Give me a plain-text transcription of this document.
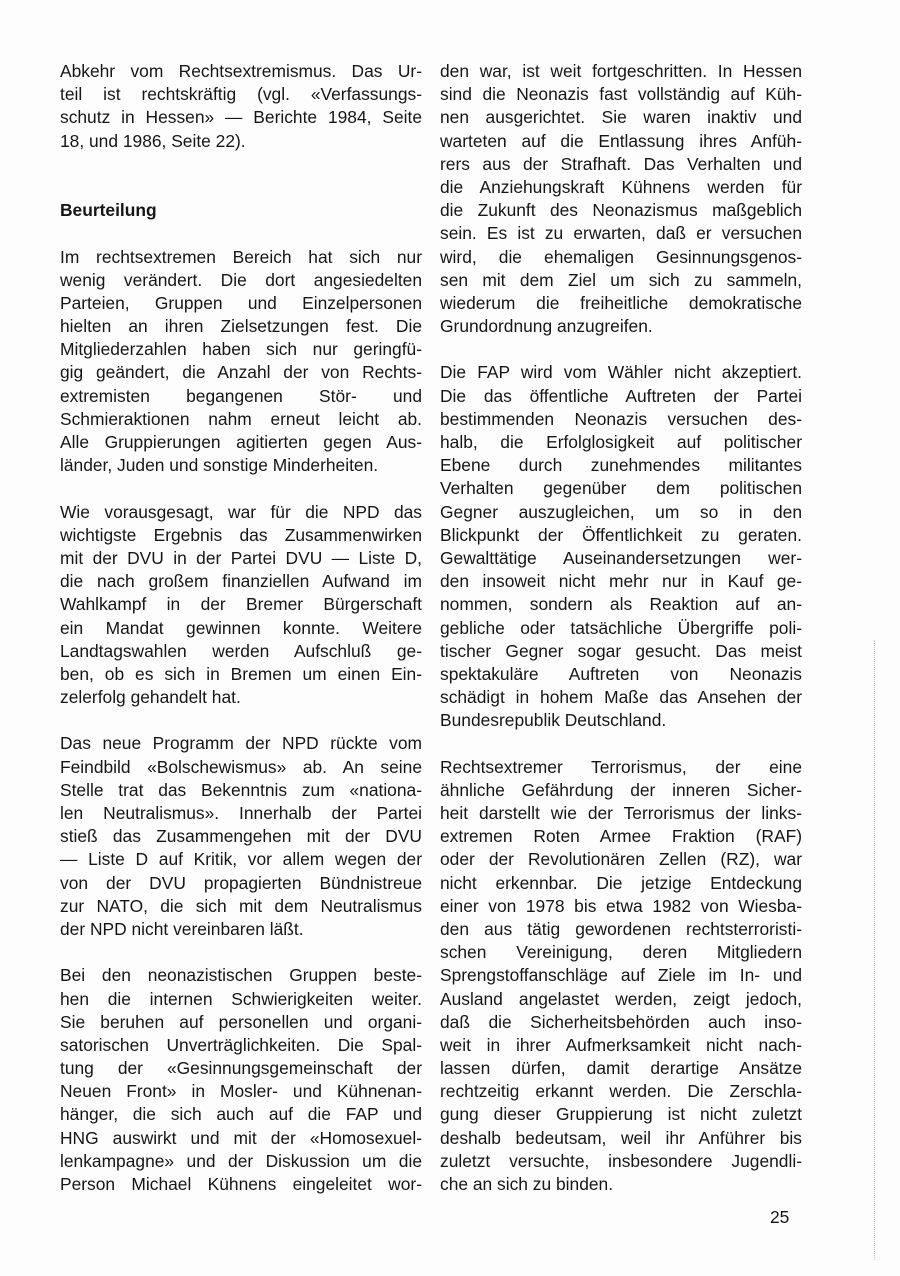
Abkehr vom Rechtsextremismus. Das Ur-
teil ist rechtskräftig (vgl. «Verfassungs-
schutz in Hessen» — Berichte 1984, Seite
18, und 1986, Seite 22).
Beurteilung
Im rechtsextremen Bereich hat sich nur
wenig verändert. Die dort angesiedelten
Parteien, Gruppen und Einzelpersonen
hielten an ihren Zielsetzungen fest. Die
Mitgliederzahlen haben sich nur geringfü-
gig geändert, die Anzahl der von Rechts-
extremisten begangenen Stör- und
Schmieraktionen nahm erneut leicht ab.
Alle Gruppierungen agitierten gegen Aus-
länder, Juden und sonstige Minderheiten.
Wie vorausgesagt, war für die NPD das
wichtigste Ergebnis das Zusammenwirken
mit der DVU in der Partei DVU — Liste D,
die nach großem finanziellen Aufwand im
Wahlkampf in der Bremer Bürgerschaft
ein Mandat gewinnen konnte. Weitere
Landtagswahlen werden Aufschluß ge-
ben, ob es sich in Bremen um einen Ein-
zelerfolg gehandelt hat.
Das neue Programm der NPD rückte vom
Feindbild «Bolschewismus» ab. An seine
Stelle trat das Bekenntnis zum «nationa-
len Neutralismus». Innerhalb der Partei
stieß das Zusammengehen mit der DVU
— Liste D auf Kritik, vor allem wegen der
von der DVU propagierten Bündnistreue
zur NATO, die sich mit dem Neutralismus
der NPD nicht vereinbaren läßt.
Bei den neonazistischen Gruppen beste-
hen die internen Schwierigkeiten weiter.
Sie beruhen auf personellen und organi-
satorischen Unverträglichkeiten. Die Spal-
tung der «Gesinnungsgemeinschaft der
Neuen Front» in Mosler- und Kühnenan-
hänger, die sich auch auf die FAP und
HNG auswirkt und mit der «Homosexuel-
lenkampagne» und der Diskussion um die
Person Michael Kühnens eingeleitet wor-
den war, ist weit fortgeschritten. In Hessen
sind die Neonazis fast vollständig auf Küh-
nen ausgerichtet. Sie waren inaktiv und
warteten auf die Entlassung ihres Anfüh-
rers aus der Strafhaft. Das Verhalten und
die Anziehungskraft Kühnens werden für
die Zukunft des Neonazismus maßgeblich
sein. Es ist zu erwarten, daß er versuchen
wird, die ehemaligen Gesinnungsgenos-
sen mit dem Ziel um sich zu sammeln,
wiederum die freiheitliche demokratische
Grundordnung anzugreifen.
Die FAP wird vom Wähler nicht akzeptiert.
Die das öffentliche Auftreten der Partei
bestimmenden Neonazis versuchen des-
halb, die Erfolglosigkeit auf politischer
Ebene durch zunehmendes militantes
Verhalten gegenüber dem politischen
Gegner auszugleichen, um so in den
Blickpunkt der Öffentlichkeit zu geraten.
Gewalttätige Auseinandersetzungen wer-
den insoweit nicht mehr nur in Kauf ge-
nommen, sondern als Reaktion auf an-
gebliche oder tatsächliche Übergriffe poli-
tischer Gegner sogar gesucht. Das meist
spektakuläre Auftreten von Neonazis
schädigt in hohem Maße das Ansehen der
Bundesrepublik Deutschland.
Rechtsextremer Terrorismus, der eine
ähnliche Gefährdung der inneren Sicher-
heit darstellt wie der Terrorismus der links-
extremen Roten Armee Fraktion (RAF)
oder der Revolutionären Zellen (RZ), war
nicht erkennbar. Die jetzige Entdeckung
einer von 1978 bis etwa 1982 von Wiesba-
den aus tätig gewordenen rechtsterroristi-
schen Vereinigung, deren Mitgliedern
Sprengstoffanschläge auf Ziele im In- und
Ausland angelastet werden, zeigt jedoch,
daß die Sicherheitsbehörden auch inso-
weit in ihrer Aufmerksamkeit nicht nach-
lassen dürfen, damit derartige Ansätze
rechtzeitig erkannt werden. Die Zerschla-
gung dieser Gruppierung ist nicht zuletzt
deshalb bedeutsam, weil ihr Anführer bis
zuletzt versuchte, insbesondere Jugendli-
che an sich zu binden.
25
